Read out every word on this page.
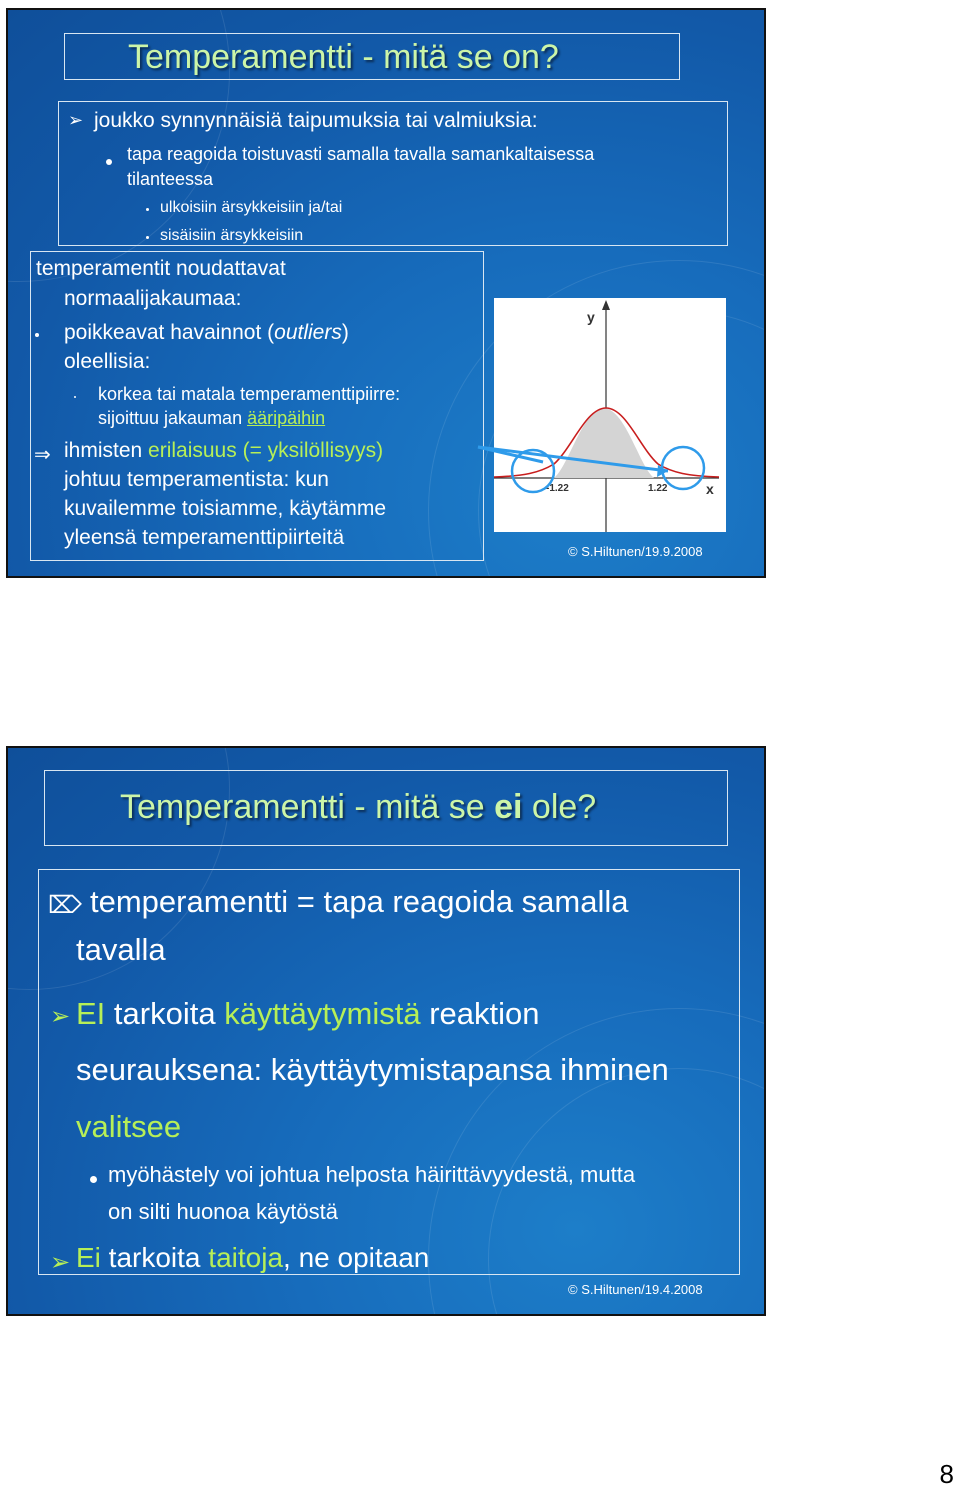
Temperamentti - mitä se on?
➢ joukko synnynnäisiä taipumuksia tai valmiuksia:
tapa reagoida toistuvasti samalla tavalla samankaltaisessa
tilanteessa
ulkoisiin ärsykkeisiin ja/tai
sisäisiin ärsykkeisiin
temperamentit noudattavat
normaalijakaumaa:
poikkeavat havainnot (outliers)
oleellisia:
korkea tai matala temperamenttipiirre:
sijoittuu jakauman ääripäihin
⇒ ihmisten erilaisuus (= yksilöllisyys)
johtuu temperamentista: kun
kuvailemme toisiamme, käytämme
yleensä temperamenttipiirteitä
y
x
-1.22	1.22
© S.Hiltunen/19.9.2008
Temperamentti - mitä se ei ole?
⌦ temperamentti = tapa reagoida samalla
tavalla
➢ EI tarkoita käyttäytymistä reaktion
seurauksena: käyttäytymistapansa ihminen
valitsee
myöhästely voi johtua helposta häirittävyydestä, mutta
on silti huonoa käytöstä
➢ Ei tarkoita taitoja, ne opitaan
© S.Hiltunen/19.4.2008
8
